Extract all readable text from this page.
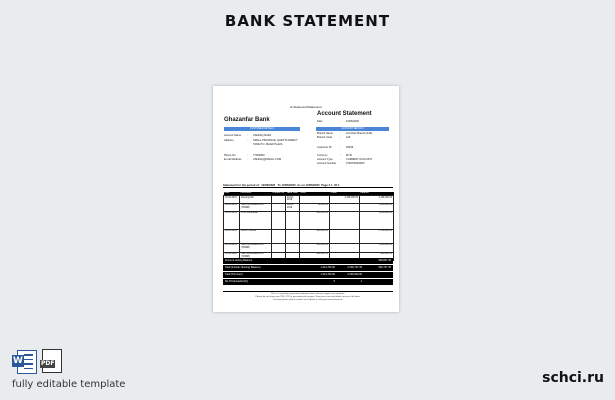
BANK STATEMENT
E-Statement/Statement
Ghazanfar Bank
Account Statement
Date	:	10/06/2020
CUSTOMER DETAILS	ACCOUNT DETAILS
Account Name	:	ASHFAQ RAZA
Address	:	SMALL PROVINCE, QUETTA DIRECT TADE P.O. MAAR PLAZA
Phone No	:	77000000
E-mail Address	:	ASHFAQ@GMAIL.COM
Branch Name	:	Ind Ghaz Branch (129)
Branch Code	:	129
Customer ID	:	25466
Currency	:	MYR
Account Type	:	CURRENT ACCOUNT
Account Number :	0700700000007
Statement for the period of : 10/06/2020 To 10/06/2020  As on 10/06/2020 Page # 1 Of 1
Date	Particulars	Cheque No	Value Date	Debit	Credit	Balance
19-02-2019	Opening Bal		19-02-2019		2,168,000.00	2,168,000.00
09-04-2019	Cash Withdrawal ATM (7FRB8)		09-04-2019	10,000.00		2,158,000.00
14-05-2019	ATM Withdrawal			100,000.00		1,858,000.00
19-05-2019	Funds Transfer			100,000.00		1,758,000.00
01-06-2019	Cash Withdrawal ATM (7FRB8)			100,000.00		1,308,000.00
10-06-2020	Cash Withdrawal ATM (7FRB8)			100,000.00		900,000.00
This is a computer generated statement and it doesn't require any signature.
Please do not share your PIN, OTP or password with anyone. Keep your card and details secure at all times.
For any queries please contact our helpline or visit your nearest branch.
Account closing Balance	828,837.35
Total (Include Opening Balance)	1,314,700.00	2,206,737.35	900,737.35
Total (Turnover)	1,314,700.00	2,206,000.00
No Of transaction(S)	5	1
W	PDF
fully editable template	schci.ru
